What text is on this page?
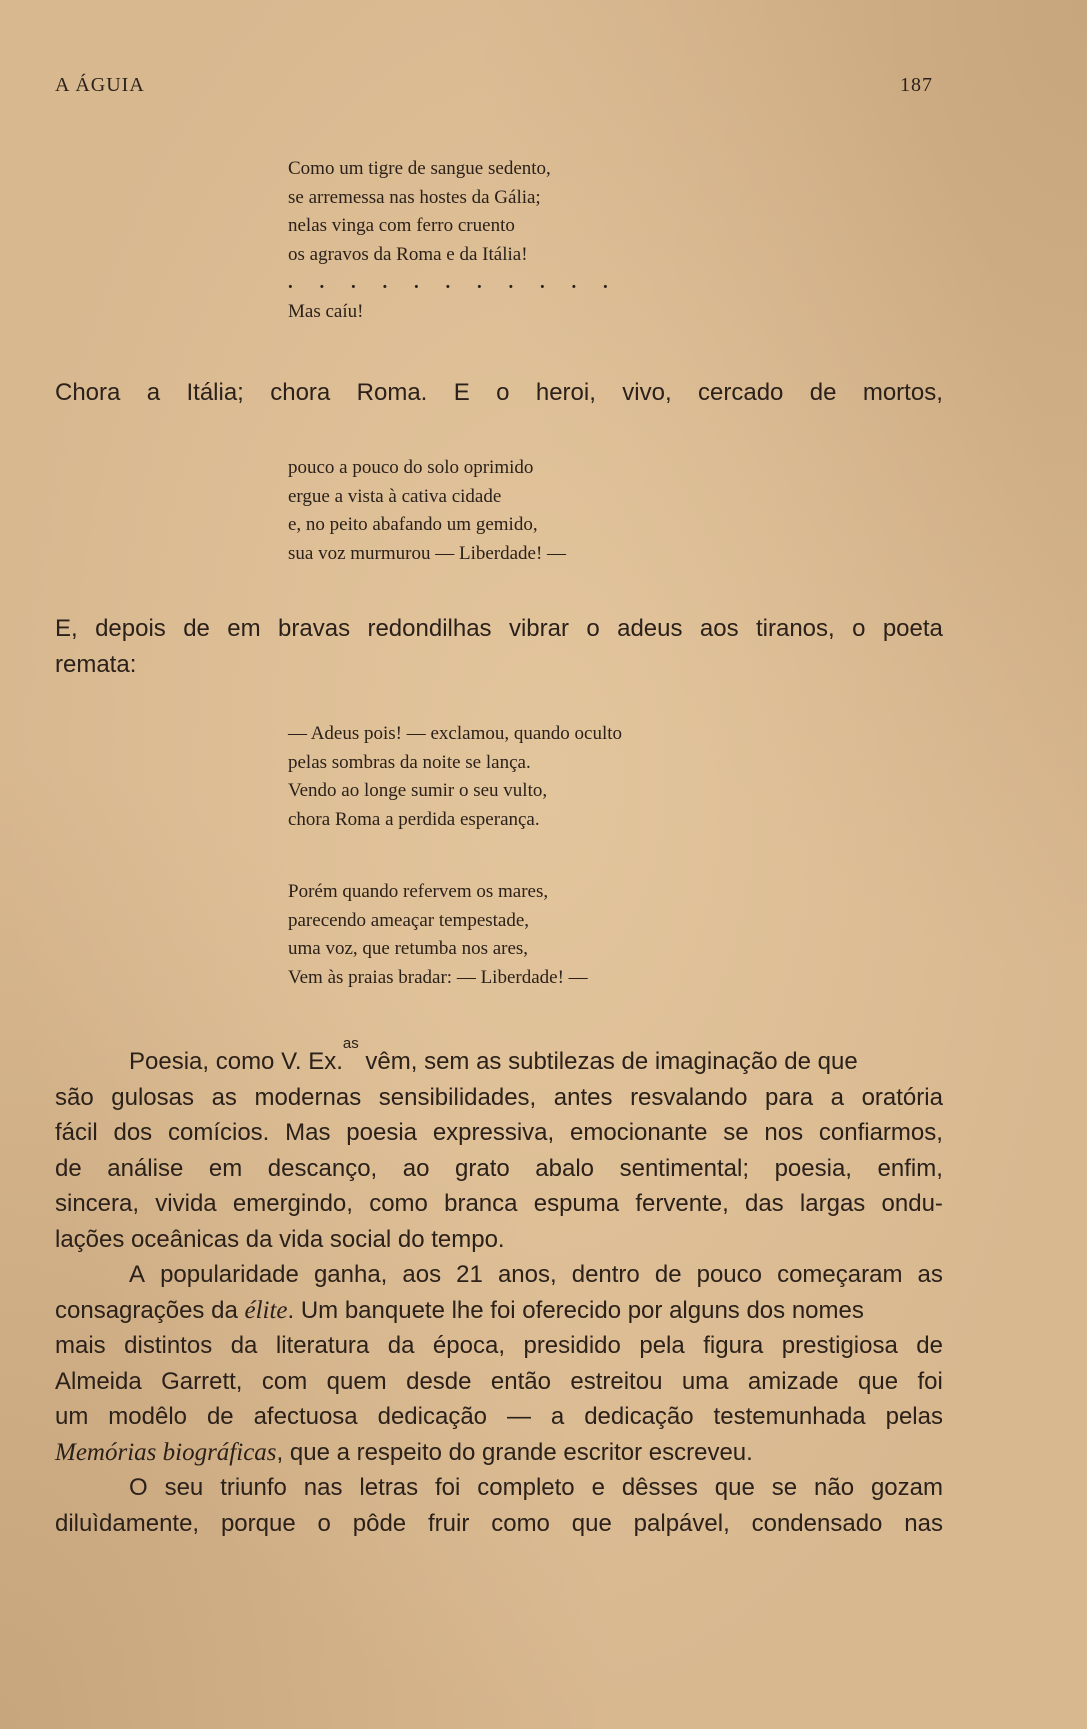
A ÁGUIA	187
Como um tigre de sangue sedento,
se arremessa nas hostes da Gália;
nelas vinga com ferro cruento
os agravos da Roma e da Itália!
. . . . . . . . . . .
Mas caíu!
Chora a Itália; chora Roma. E o heroi, vivo, cercado de mortos,
pouco a pouco do solo oprimido
ergue a vista à cativa cidade
e, no peito abafando um gemido,
sua voz murmurou — Liberdade! —
E, depois de em bravas redondilhas vibrar o adeus aos tiranos, o poeta
remata:
— Adeus pois! — exclamou, quando oculto
pelas sombras da noite se lança.
Vendo ao longe sumir o seu vulto,
chora Roma a perdida esperança.
Porém quando refervem os mares,
parecendo ameaçar tempestade,
uma voz, que retumba nos ares,
Vem às praias bradar: — Liberdade! —
Poesia, como V. Ex.
as
vêm, sem as subtilezas de imaginação de que
são gulosas as modernas sensibilidades, antes resvalando para a oratória
fácil dos comícios. Mas poesia expressiva, emocionante se nos confiarmos,
de análise em descanço, ao grato abalo sentimental; poesia, enfim,
sincera, vivida emergindo, como branca espuma fervente, das largas ondu-
lações oceânicas da vida social do tempo.
A popularidade ganha, aos 21 anos, dentro de pouco começaram as
consagrações da élite . Um banquete lhe foi oferecido por alguns dos nomes
mais distintos da literatura da época, presidido pela figura prestigiosa de
Almeida Garrett, com quem desde então estreitou uma amizade que foi
um modêlo de afectuosa dedicação — a dedicação testemunhada pelas
Memórias biográficas , que a respeito do grande escritor escreveu.
O seu triunfo nas letras foi completo e dêsses que se não gozam
diluìdamente, porque o pôde fruir como que palpável, condensado nas
